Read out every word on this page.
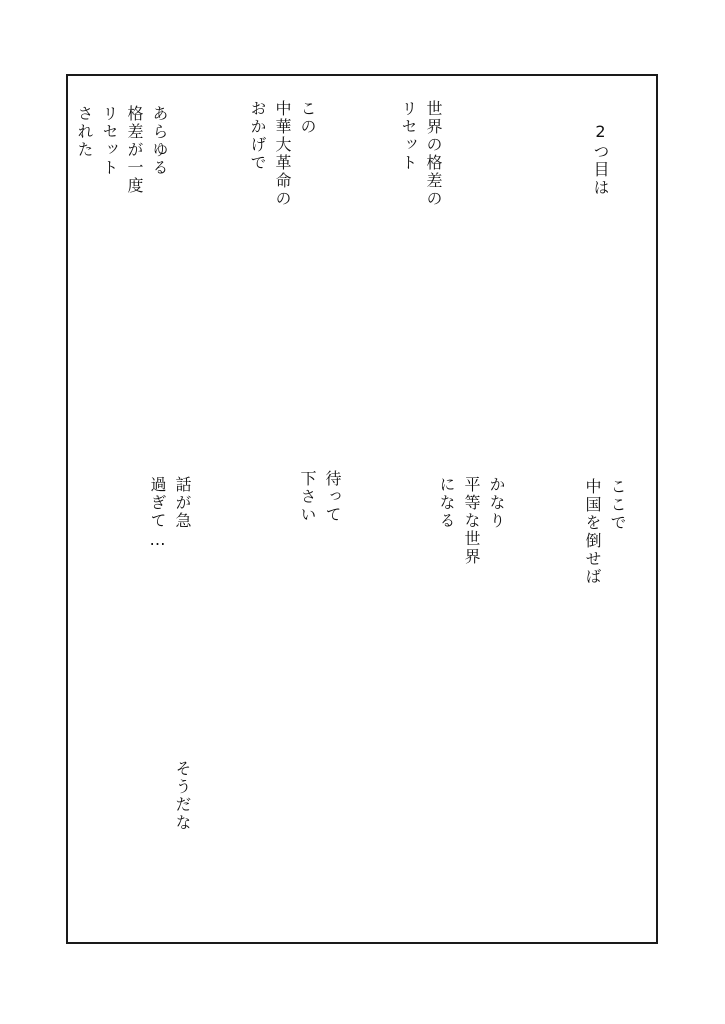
2つ目は
世界の格差の
リセット
この
中華大革命の
おかげで
あらゆる
格差が一度
リセット
された
ここで
中国を倒せば
かなり
平等な世界
になる
待って
下さい
話が急
過ぎて…
そうだな
